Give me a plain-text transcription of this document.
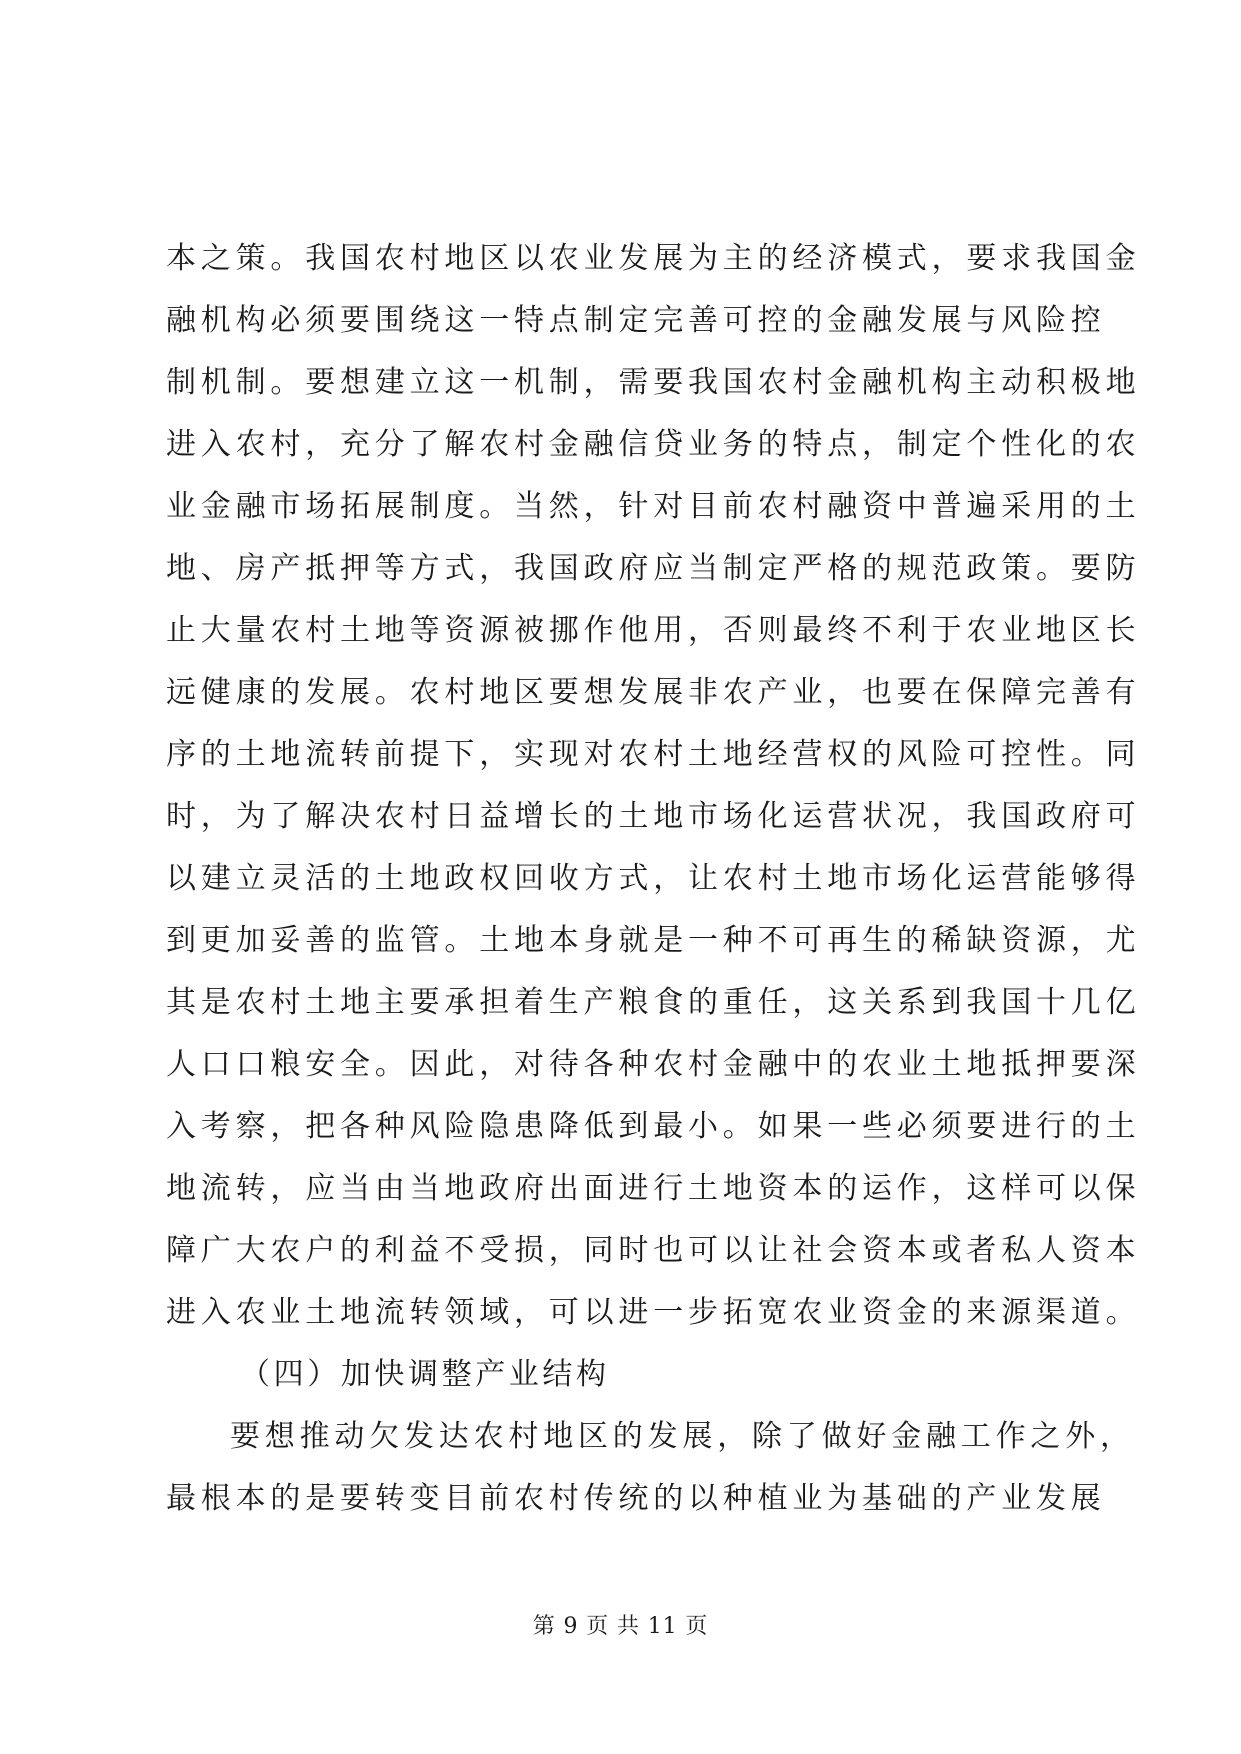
本之策。我国农村地区以农业发展为主的经济模式，要求我国金
融机构必须要围绕这一特点制定完善可控的金融发展与风险控
制机制。要想建立这一机制，需要我国农村金融机构主动积极地
进入农村，充分了解农村金融信贷业务的特点，制定个性化的农
业金融市场拓展制度。当然，针对目前农村融资中普遍采用的土
地、房产抵押等方式，我国政府应当制定严格的规范政策。要防
止大量农村土地等资源被挪作他用，否则最终不利于农业地区长
远健康的发展。农村地区要想发展非农产业，也要在保障完善有
序的土地流转前提下，实现对农村土地经营权的风险可控性。同
时，为了解决农村日益增长的土地市场化运营状况，我国政府可
以建立灵活的土地政权回收方式，让农村土地市场化运营能够得
到更加妥善的监管。土地本身就是一种不可再生的稀缺资源，尤
其是农村土地主要承担着生产粮食的重任，这关系到我国十几亿
人口口粮安全。因此，对待各种农村金融中的农业土地抵押要深
入考察，把各种风险隐患降低到最小。如果一些必须要进行的土
地流转，应当由当地政府出面进行土地资本的运作，这样可以保
障广大农户的利益不受损，同时也可以让社会资本或者私人资本
进入农业土地流转领域，可以进一步拓宽农业资金的来源渠道。
（四）加快调整产业结构
要想推动欠发达农村地区的发展，除了做好金融工作之外，
最根本的是要转变目前农村传统的以种植业为基础的产业发展
第 9 页 共 11 页
